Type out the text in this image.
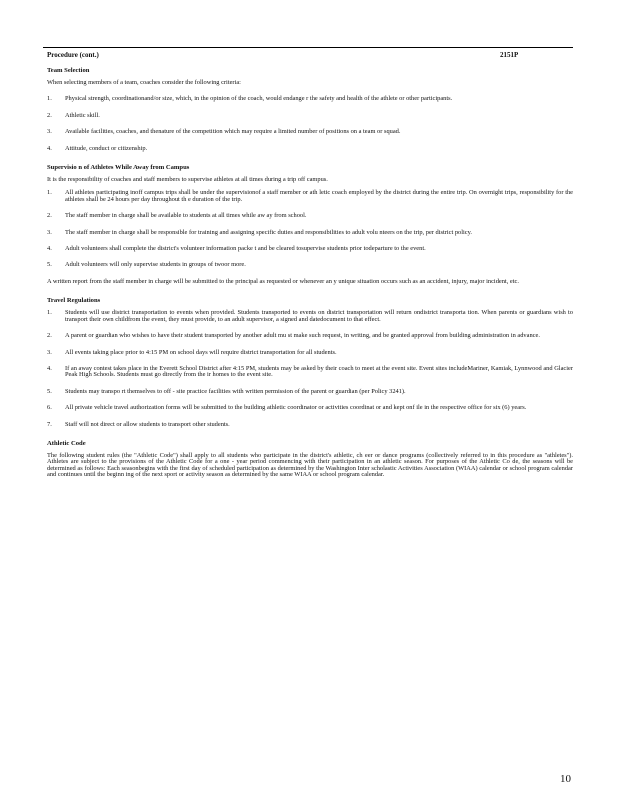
Procedure (cont.)	2151P
Team Selection
When selecting members of a team, coaches consider the following criteria:
1.	Physical strength, coordinationand/or size, which, in the opinion of the coach, would endange r the safety and health of the athlete or other participants.
2.	Athletic skill.
3.	Available facilities, coaches, and thenature of the competition which may require a limited number of positions on a team or squad.
4.	Attitude, conduct or citizenship.
Supervisio n of Athletes While Away from Campus
It is the responsibility of coaches and staff members to supervise athletes at all times during a trip off campus.
1.	All athletes participating inoff campus trips shall be under the supervisionof a staff member or ath letic coach employed by the district during the entire trip. On overnight trips, responsibility for the athletes shall be 24 hours per day throughout th e duration of the trip.
2.	The staff member in charge shall be available to students at all times while aw ay from school.
3.	The staff member in charge shall be responsible for training and assigning specific duties and responsibilities to adult volu nteers on the trip, per district policy.
4.	Adult volunteers shall complete the district's volunteer information packe t and be cleared tosupervise students prior todeparture to the event.
5.	Adult volunteers will only supervise students in groups of twoor more.
A written report from the staff member in charge will be submitted to the principal as requested or whenever an y unique situation occurs such as an accident, injury, major incident, etc.
Travel Regulations
1.	Students will use district transportation to events when provided. Students transported to events on district transportation will return ondistrict transporta tion. When parents or guardians wish to transport their own childfrom the event, they must provide, to an adult supervisor, a signed and datedocument to that effect.
2.	A parent or guardian who wishes to have their student transported by another adult mu st make such request, in writing, and be granted approval from building administration in advance.
3.	All events taking place prior to 4:15 PM on school days will require district transportation for all students.
4.	If an away contest takes place in the Everett School District after 4:15 PM, students may be asked by their coach to meet at the event site. Event sites includeMariner, Kamiak, Lynnwood and Glacier Peak High Schools. Students must go directly from the ir homes to the event site.
5.	Students may transpo rt themselves to off - site practice facilities with written permission of the parent or guardian (per Policy 3241).
6.	All private vehicle travel authorization forms will be submitted to the building athletic coordinator or activities coordinat or and kept onf ile in the respective office for six (6) years.
7.	Staff will not direct or allow students to transport other students.
Athletic Code
The following student rules (the "Athletic Code") shall apply to all students who participate in the district's athletic, ch eer or dance programs (collectively referred to in this procedure as "athletes"). Athletes are subject to the provisions of the Athletic Code for a one - year period commencing with their participation in an athletic season. For purposes of the Athletic Co de, the seasons will be determined as follows: Each seasonbegins with the first day of scheduled participation as determined by the Washington Inter scholastic Activities Association (WIAA) calendar or school program calendar and continues until the beginn ing of the next sport or activity season as determined by the same WIAA or school program calendar.
10
